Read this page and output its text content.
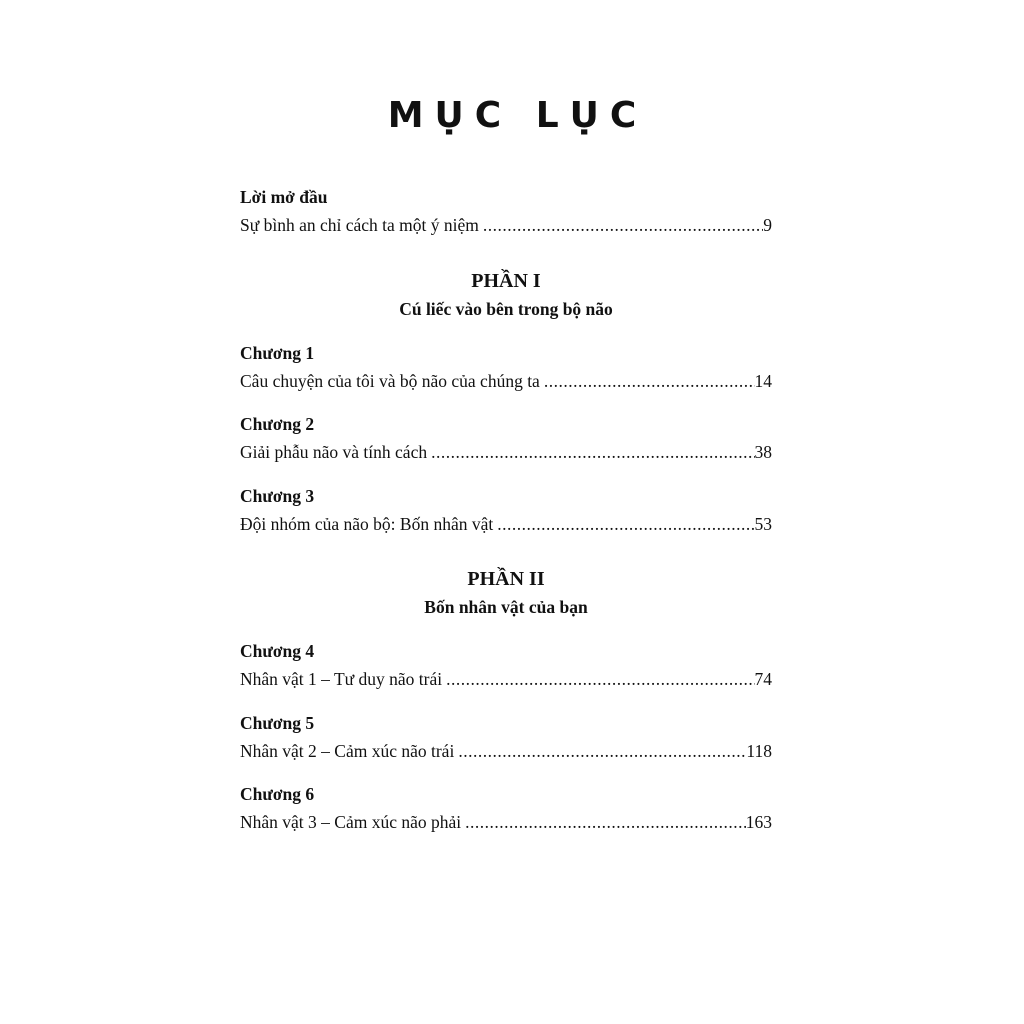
MỤC LỤC
Lời mở đầu
Sự bình an chỉ cách ta một ý niệm .....	9
PHẦN I
Cú liếc vào bên trong bộ não
Chương 1
Câu chuyện của tôi và bộ não của chúng ta .....	14
Chương 2
Giải phẫu não và tính cách .....	38
Chương 3
Đội nhóm của não bộ: Bốn nhân vật .....	53
PHẦN II
Bốn nhân vật của bạn
Chương 4
Nhân vật 1 – Tư duy não trái .....	74
Chương 5
Nhân vật 2 – Cảm xúc não trái .....	118
Chương 6
Nhân vật 3 – Cảm xúc não phải .....	163
